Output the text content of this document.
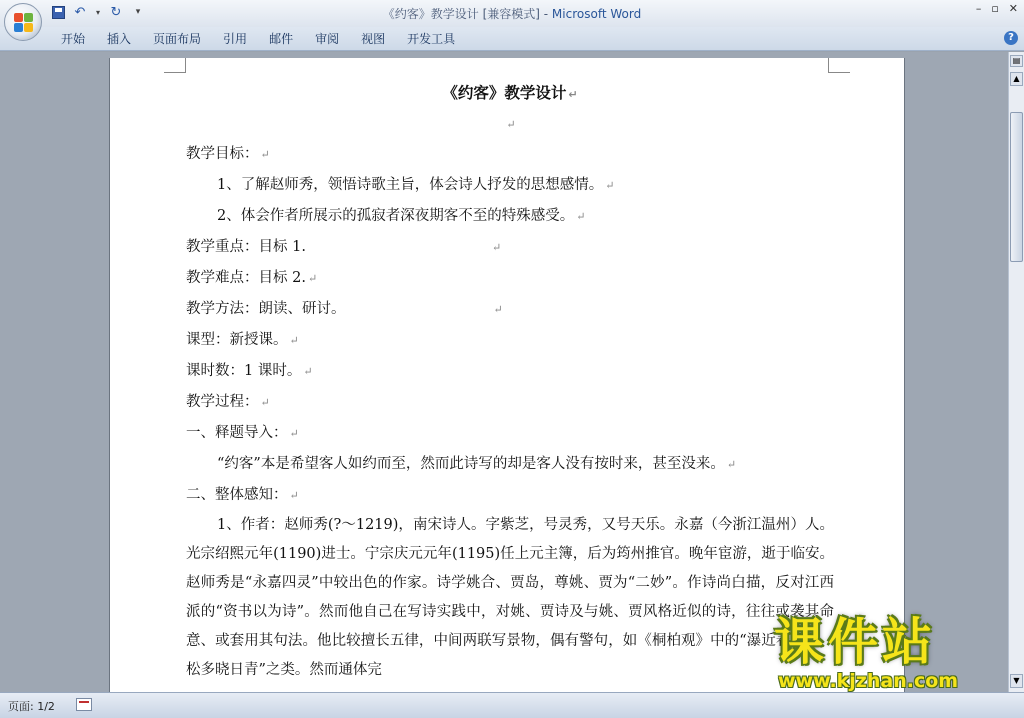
↶ ▾ ↻ ▾	《约客》教学设计 [兼容模式] - Microsoft Word	– ▫ ✕
开始	插入	页面布局	引用	邮件	审阅	视图	开发工具	?

《约客》教学设计 ↵

↵

教学目标： ↵

1、了解赵师秀，领悟诗歌主旨，体会诗人抒发的思想感情。 ↵

2、体会作者所展示的孤寂者深夜期客不至的特殊感受。 ↵

教学重点：目标 1.	↵

教学难点：目标 2. ↵

教学方法：朗读、研讨。	↵

课型：新授课。 ↵

课时数：1 课时。 ↵

教学过程： ↵

一、释题导入： ↵

“约客”本是希望客人如约而至，然而此诗写的却是客人没有按时来，甚至没来。 ↵

二、整体感知： ↵

1、作者：赵师秀(?～1219)，南宋诗人。字紫芝，号灵秀，又号天乐。永嘉（今浙江温州）人。光宗绍熙元年(1190)进士。宁宗庆元元年(1195)任上元主簿，后为筠州推官。晚年宦游，逝于临安。赵师秀是“永嘉四灵”中较出色的作家。诗学姚合、贾岛，尊姚、贾为“二妙”。作诗尚白描，反对江西派的“资书以为诗”。然而他自己在写诗实践中，对姚、贾诗及与姚、贾风格近似的诗，往往或袭其命意、或套用其句法。他比较擅长五律，中间两联写景物，偶有警句，如《桐柏观》中的“瀑近春风湿，松多晓日青”之类。然而通体完
▤
▲
▼
课件站
www.kjzhan.com
页面: 1/2
